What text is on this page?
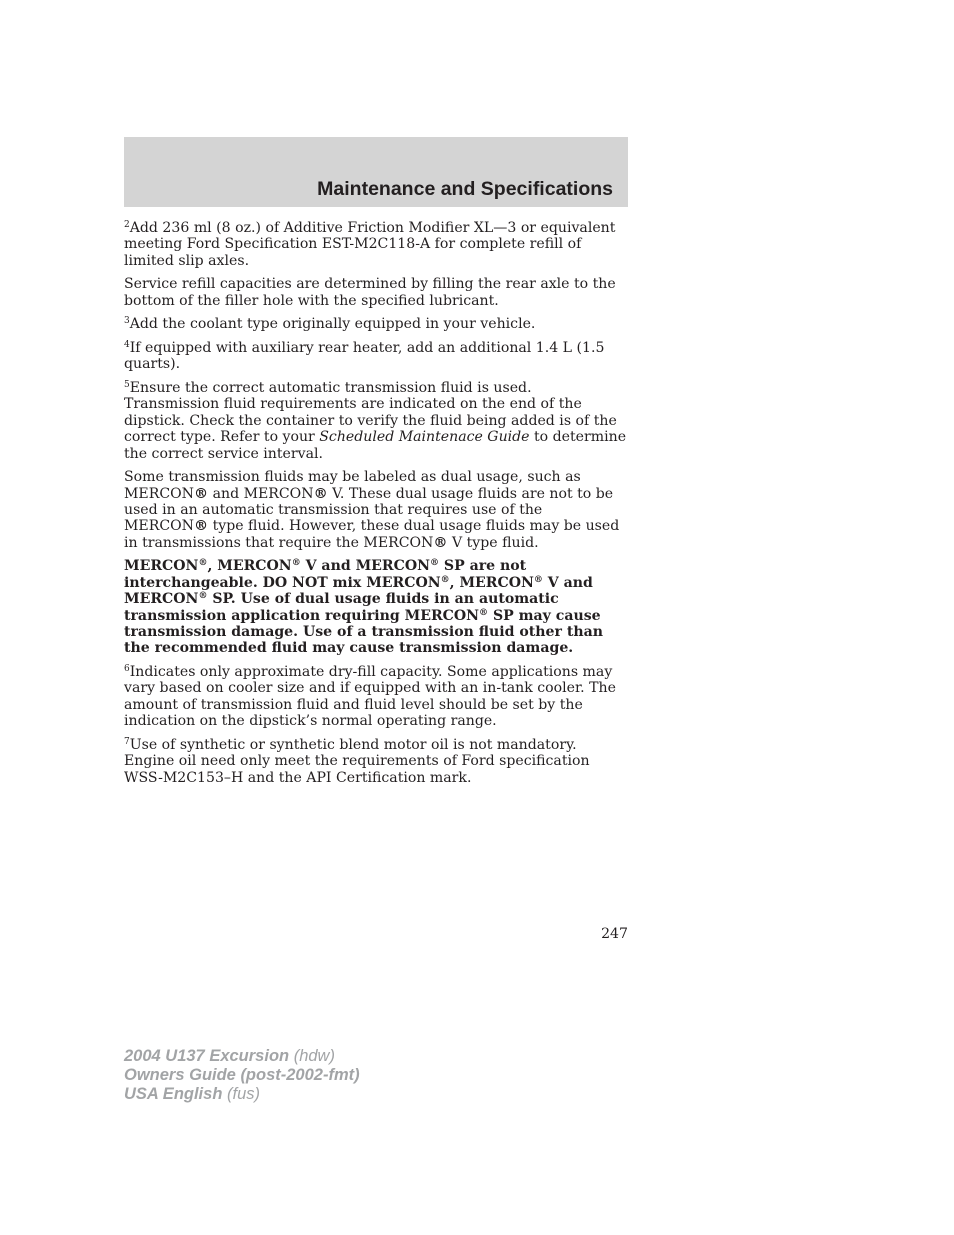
Maintenance and Specifications

$^2$Add 236 ml (8 oz.) of Additive Friction Modifier XL—3 or equivalent meeting Ford Specification EST-M2C118-A for complete refill of limited slip axles.

Service refill capacities are determined by filling the rear axle to the bottom of the filler hole with the specified lubricant.

$^3$Add the coolant type originally equipped in your vehicle.

$^4$If equipped with auxiliary rear heater, add an additional 1.4 L (1.5 quarts).

$^5$Ensure the correct automatic transmission fluid is used. Transmission fluid requirements are indicated on the end of the dipstick. Check the container to verify the fluid being added is of the correct type. Refer to your Scheduled Maintenace Guide to determine the correct service interval.

Some transmission fluids may be labeled as dual usage, such as MERCON® and MERCON® V. These dual usage fluids are not to be used in an automatic transmission that requires use of the MERCON® type fluid. However, these dual usage fluids may be used in transmissions that require the MERCON® V type fluid.

MERCON®, MERCON® V and MERCON® SP are not interchangeable. DO NOT mix MERCON®, MERCON® V and MERCON® SP. Use of dual usage fluids in an automatic transmission application requiring MERCON® SP may cause transmission damage. Use of a transmission fluid other than the recommended fluid may cause transmission damage.

$^6$Indicates only approximate dry-fill capacity. Some applications may vary based on cooler size and if equipped with an in-tank cooler. The amount of transmission fluid and fluid level should be set by the indication on the dipstick’s normal operating range.

$^7$Use of synthetic or synthetic blend motor oil is not mandatory. Engine oil need only meet the requirements of Ford specification WSS-M2C153–H and the API Certification mark.

247
2004 U137 Excursion (hdw)
Owners Guide (post-2002-fmt)
USA English (fus)
